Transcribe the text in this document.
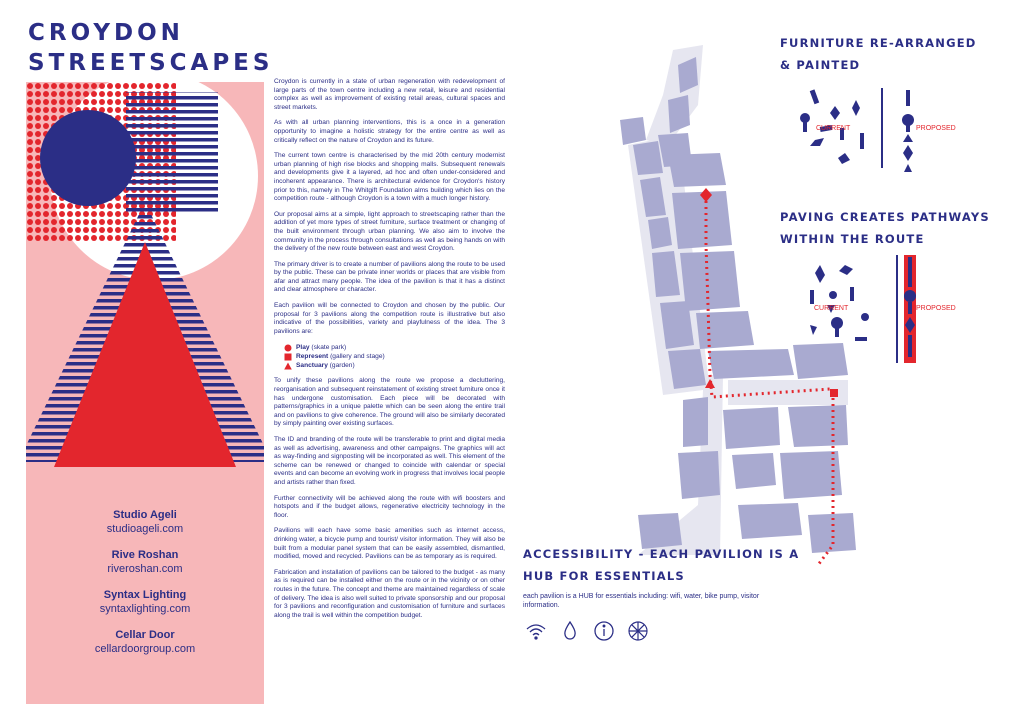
CROYDON
STREETSCAPES
Studio Ageli
studioageli.com
Rive Roshan
riveroshan.com
Syntax Lighting
syntaxlighting.com
Cellar Door
cellardoorgroup.com

Croydon is currently in a state of urban regeneration with redevelopment of large parts of the town centre including a new retail, leisure and residential complex as well as improvement of existing retail areas, cultural spaces and street markets.

As with all urban planning interventions, this is a once in a generation opportunity to imagine a holistic strategy for the entire centre as well as critically reflect on the nature of Croydon and its future.

The current town centre is characterised by the mid 20th century modernist urban planning of high rise blocks and shopping malls. Subsequent renewals and developments give it a layered, ad hoc and often under-considered and incoherent appearance. There is architectural evidence for Croydon's history prior to this, namely in The Whitgift Foundation alms building which lies on the competition route - although Croydon is a town with a much longer history.

Our proposal aims at a simple, light approach to streetscaping rather than the addition of yet more types of street furniture, surface treatment or changing of the built environment through urban planning. We also aim to involve the community in the process through consultations as well as being hands on with the delivery of the new route between east and west Croydon.

The primary driver is to create a number of pavilions along the route to be used by the public. These can be private inner worlds or places that are visible from afar and attract many people. The idea of the pavilion is that it has a distinct and clear atmosphere or character.

Each pavilion will be connected to Croydon and chosen by the public. Our proposal for 3 pavilions along the competition route is illustrative but also indicative of the possibilities, variety and playfulness of the idea. The 3 pavilions are:

Play (skate park)
Represent (gallery and stage)
Sanctuary (garden)

To unify these pavilions along the route we propose a decluttering, reorganisation and subsequent reinstatement of existing street furniture once it has undergone customisation. Each piece will be decorated with patterns/graphics in a unique palette which can be seen along the entire trail and on pavilions to give coherence. The ground will also be similarly decorated by simply painting over existing surfaces.

The ID and branding of the route will be transferable to print and digital media as well as advertising, awareness and other campaigns. The graphics will act as way-finding and signposting will be incorporated as well. This element of the scheme can be renewed or changed to coincide with calendar or special events and can become an evolving work in progress that involves local people and artists rather than fixed.

Further connectivity will be achieved along the route with wifi boosters and hotspots and if the budget allows, regenerative electricity technology in the floor.

Pavilions will each have some basic amenities such as internet access, drinking water, a bicycle pump and tourist/ visitor information. They will also be built from a modular panel system that can be easily assembled, dismantled, modified, moved and recycled. Pavilions can be as temporary as is required.

Fabrication and installation of pavilions can be tailored to the budget - as many as is required can be installed either on the route or in the vicinity or on other routes in the future. The concept and theme are maintained regardless of scale of delivery. The idea is also well suited to private sponsorship and our proposal for 3 pavilions and reconfiguration and customisation of furniture and surfaces along the trail is well within the competition budget.

FURNITURE RE-ARRANGED
& PAINTED
CURRENT	PROPOSED
PAVING CREATES PATHWAYS
WITHIN THE ROUTE
CURRENT	PROPOSED
ACCESSIBILITY - EACH PAVILION IS A
HUB FOR ESSENTIALS
each pavilion is a HUB for essentials including: wifi, water, bike pump, visitor information.
